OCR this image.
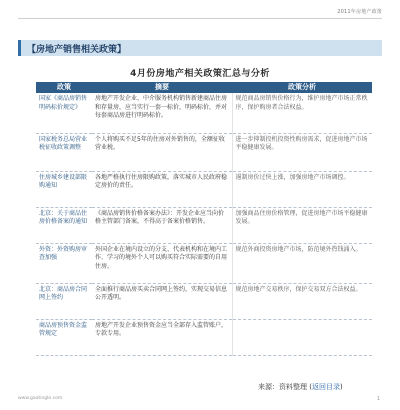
2011年房地产政策
【房地产销售相关政策】
4月份房地产相关政策汇总与分析
政策	摘要	政策分析
国家《商品房销售明码标价规定》	房地产开发企业、中介服务机构销售新建商品住房和存量房，应当实行一套一标价，明码标价，并对每套商品房进行明码标价。	规范商品房销售价格行为，维护房地产市场正常秩序，保护购房者合法权益。
国家税务总局营业税征收政策调整	个人将购买不足5年的住房对外销售的，全额征收营业税。	进一步抑制投机投资性购房需求，促进房地产市场平稳健康发展。
住房城乡建设部限购通知	各地严格执行住房限购政策，落实城市人民政府稳定房价的责任。	遏制房价过快上涨，加强房地产市场调控。
北京：关于商品住房价格备案的通知	《商品房销售价格备案办法》：开发企业应当向价格主管部门备案，不得高于备案价格销售。	加强商品住房价格管理，促进房地产市场平稳健康发展。
外资：外资购房审查加强	外国企业在境内设立的分支、代表机构和在境内工作、学习的境外个人可以购买符合实际需要的自用住房。	规范外商投资房地产市场，防范境外热钱涌入。
北京：商品房合同网上签约	全面推行商品房买卖合同网上签约，实现交易信息公开透明。	规范房地产交易秩序，保护交易双方合法权益。
商品房预售资金监管规定	房地产开发企业预售资金应当全部存入监管账户，专款专用。	
来源：资料整理 (返回目录)
www.gaotingle.com	1
